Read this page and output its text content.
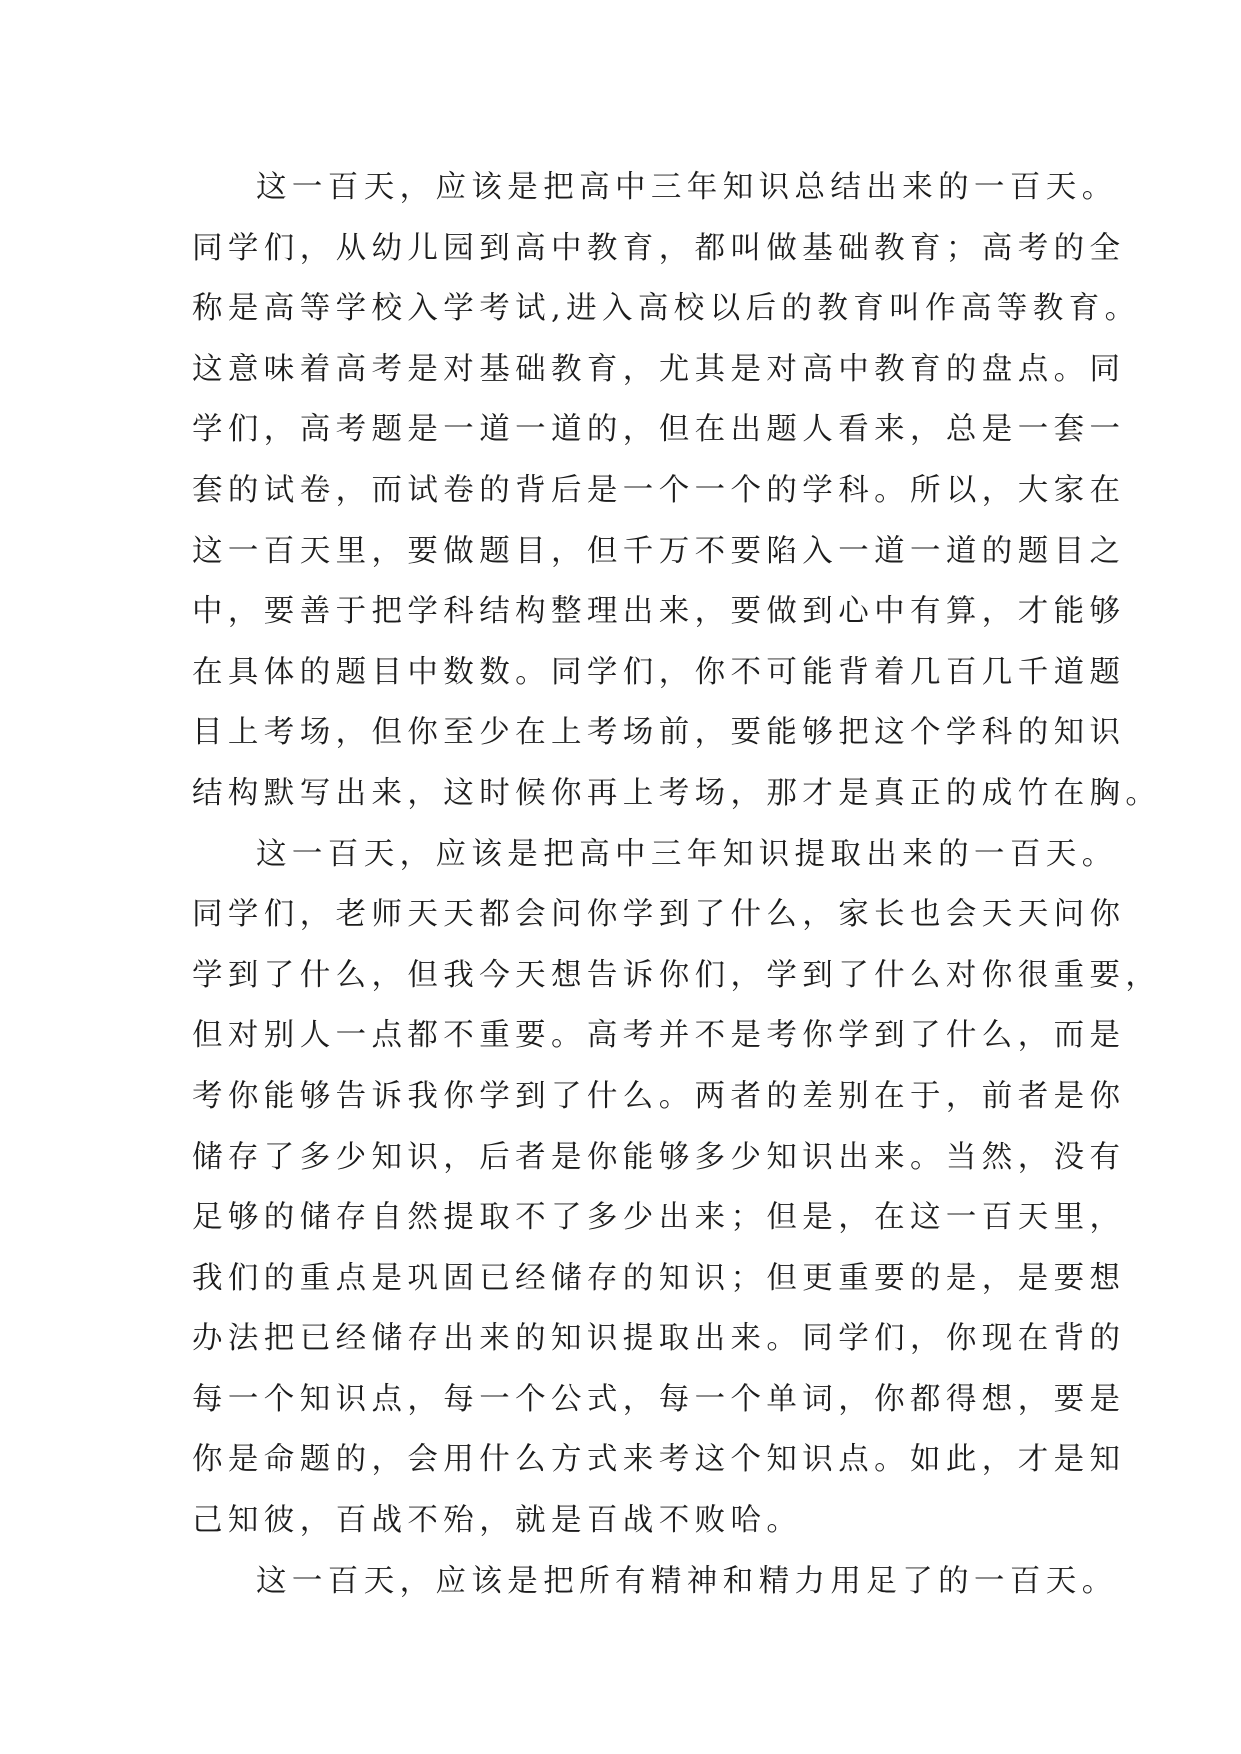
这一百天，应该是把高中三年知识总结出来的一百天。
同学们，从幼儿园到高中教育，都叫做基础教育；高考的全
称是高等学校入学考试,进入高校以后的教育叫作高等教育。
这意味着高考是对基础教育，尤其是对高中教育的盘点。同
学们，高考题是一道一道的，但在出题人看来，总是一套一
套的试卷，而试卷的背后是一个一个的学科。所以，大家在
这一百天里，要做题目，但千万不要陷入一道一道的题目之
中，要善于把学科结构整理出来，要做到心中有算，才能够
在具体的题目中数数。同学们，你不可能背着几百几千道题
目上考场，但你至少在上考场前，要能够把这个学科的知识
结构默写出来，这时候你再上考场，那才是真正的成竹在胸。
这一百天，应该是把高中三年知识提取出来的一百天。
同学们，老师天天都会问你学到了什么，家长也会天天问你
学到了什么，但我今天想告诉你们，学到了什么对你很重要，
但对别人一点都不重要。高考并不是考你学到了什么，而是
考你能够告诉我你学到了什么。两者的差别在于，前者是你
储存了多少知识，后者是你能够多少知识出来。当然，没有
足够的储存自然提取不了多少出来；但是，在这一百天里，
我们的重点是巩固已经储存的知识；但更重要的是，是要想
办法把已经储存出来的知识提取出来。同学们，你现在背的
每一个知识点，每一个公式，每一个单词，你都得想，要是
你是命题的，会用什么方式来考这个知识点。如此，才是知
己知彼，百战不殆，就是百战不败哈。
这一百天，应该是把所有精神和精力用足了的一百天。
